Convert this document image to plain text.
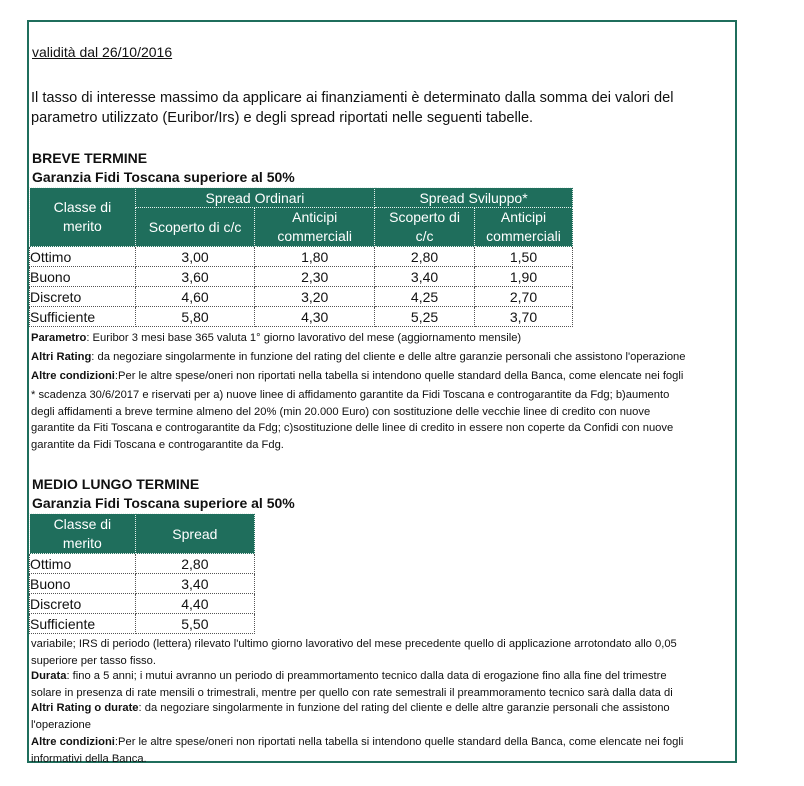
validità dal 26/10/2016
Il tasso di interesse massimo da applicare ai finanziamenti è determinato dalla somma dei valori del
parametro utilizzato (Euribor/Irs) e degli spread riportati nelle seguenti tabelle.
BREVE TERMINE
Garanzia Fidi Toscana superiore al 50%
Classe di merito	Spread Ordinari		Spread Sviluppo*	
	Scoperto di c/c	Anticipi commerciali	Scoperto di c/c	Anticipi commerciali

Ottimo	3,00	1,80	2,80	1,50
Buono	3,60	2,30	3,40	1,90
Discreto	4,60	3,20	4,25	2,70
Sufficiente	5,80	4,30	5,25	3,70
Parametro: Euribor 3 mesi base 365 valuta 1° giorno lavorativo del mese (aggiornamento mensile)
Altri Rating: da negoziare singolarmente in funzione del rating del cliente e delle altre garanzie personali che assistono l'operazione
Altre condizioni:Per le altre spese/oneri non riportati nella tabella si intendono quelle standard della Banca, come elencate nei fogli
* scadenza 30/6/2017 e riservati per a) nuove linee di affidamento garantite da Fidi Toscana e controgarantite da Fdg; b)aumento
degli affidamenti a breve termine almeno del 20% (min 20.000 Euro) con sostituzione delle vecchie linee di credito con nuove
garantite da Fiti Toscana e controgarantite da Fdg; c)sostituzione delle linee di credito in essere non coperte da Confidi con nuove
garantite da Fidi Toscana e controgarantite da Fdg.
MEDIO LUNGO TERMINE
Garanzia Fidi Toscana superiore al 50%
Classe di merito	Spread
Ottimo	2,80
Buono	3,40
Discreto	4,40
Sufficiente	5,50
variabile; IRS di periodo (lettera) rilevato l'ultimo giorno lavorativo del mese precedente quello di applicazione arrotondato allo 0,05
superiore per tasso fisso.
Durata: fino a 5 anni; i mutui avranno un periodo di preammortamento tecnico dalla data di erogazione fino alla fine del trimestre
solare in presenza di rate mensili o trimestrali, mentre per quello con rate semestrali il preammoramento tecnico sarà dalla data di
Altri Rating o durate: da negoziare singolarmente in funzione del rating del cliente e delle altre garanzie personali che assistono
l'operazione
Altre condizioni:Per le altre spese/oneri non riportati nella tabella si intendono quelle standard della Banca, come elencate nei fogli
informativi della Banca.
